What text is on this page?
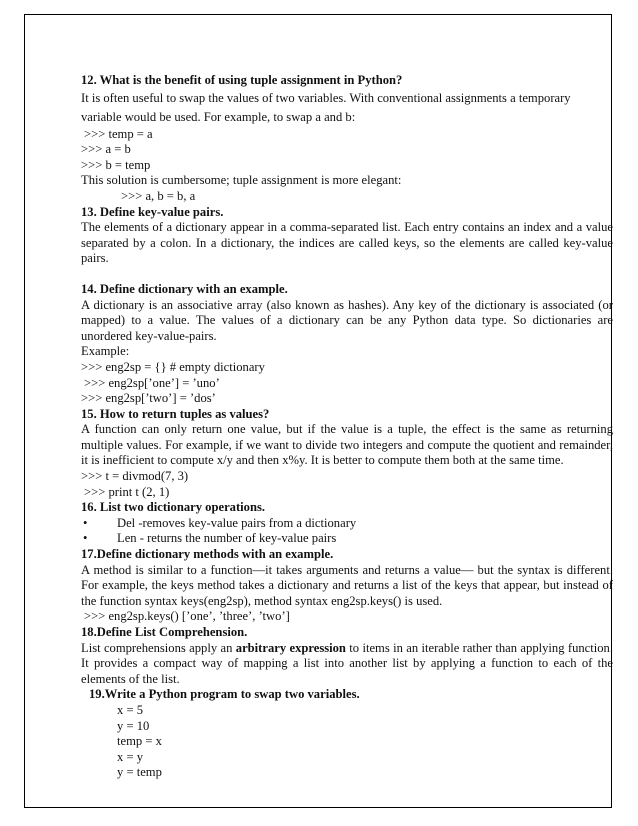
12. What is the benefit of using tuple assignment in Python?

It is often useful to swap the values of two variables. With conventional assignments a temporary

variable would be used. For example, to swap a and b:

>>> temp = a

>>> a = b

>>> b = temp

This solution is cumbersome; tuple assignment is more elegant:

>>> a, b = b, a

13. Define key-value pairs.

The elements of a dictionary appear in a comma-separated list. Each entry contains an index and a value separated by a colon. In a dictionary, the indices are called keys, so the elements are called key-value pairs.

14. Define dictionary with an example.

A dictionary is an associative array (also known as hashes). Any key of the dictionary is associated (or mapped) to a value. The values of a dictionary can be any Python data type. So dictionaries are unordered key-value-pairs.

Example:

>>> eng2sp = {} # empty dictionary

>>> eng2sp[’one’] = ’uno’

>>> eng2sp[’two’] = ’dos’

15. How to return tuples as values?

A function can only return one value, but if the value is a tuple, the effect is the same as returning multiple values. For example, if we want to divide two integers and compute the quotient and remainder, it is inefficient to compute x/y and then x%y. It is better to compute them both at the same time.

>>> t = divmod(7, 3)

>>> print t (2, 1)

16. List two dictionary operations.

• Del -removes key-value pairs from a dictionary

• Len - returns the number of key-value pairs

17.Define dictionary methods with an example.

A method is similar to a function—it takes arguments and returns a value— but the syntax is different. For example, the keys method takes a dictionary and returns a list of the keys that appear, but instead of the function syntax keys(eng2sp), method syntax eng2sp.keys() is used.

>>> eng2sp.keys() [’one’, ’three’, ’two’]

18.Define List Comprehension.

List comprehensions apply an arbitrary expression to items in an iterable rather than applying function. It provides a compact way of mapping a list into another list by applying a function to each of the elements of the list.

19.Write a Python program to swap two variables.

x = 5

y = 10

temp = x

x = y

y = temp
